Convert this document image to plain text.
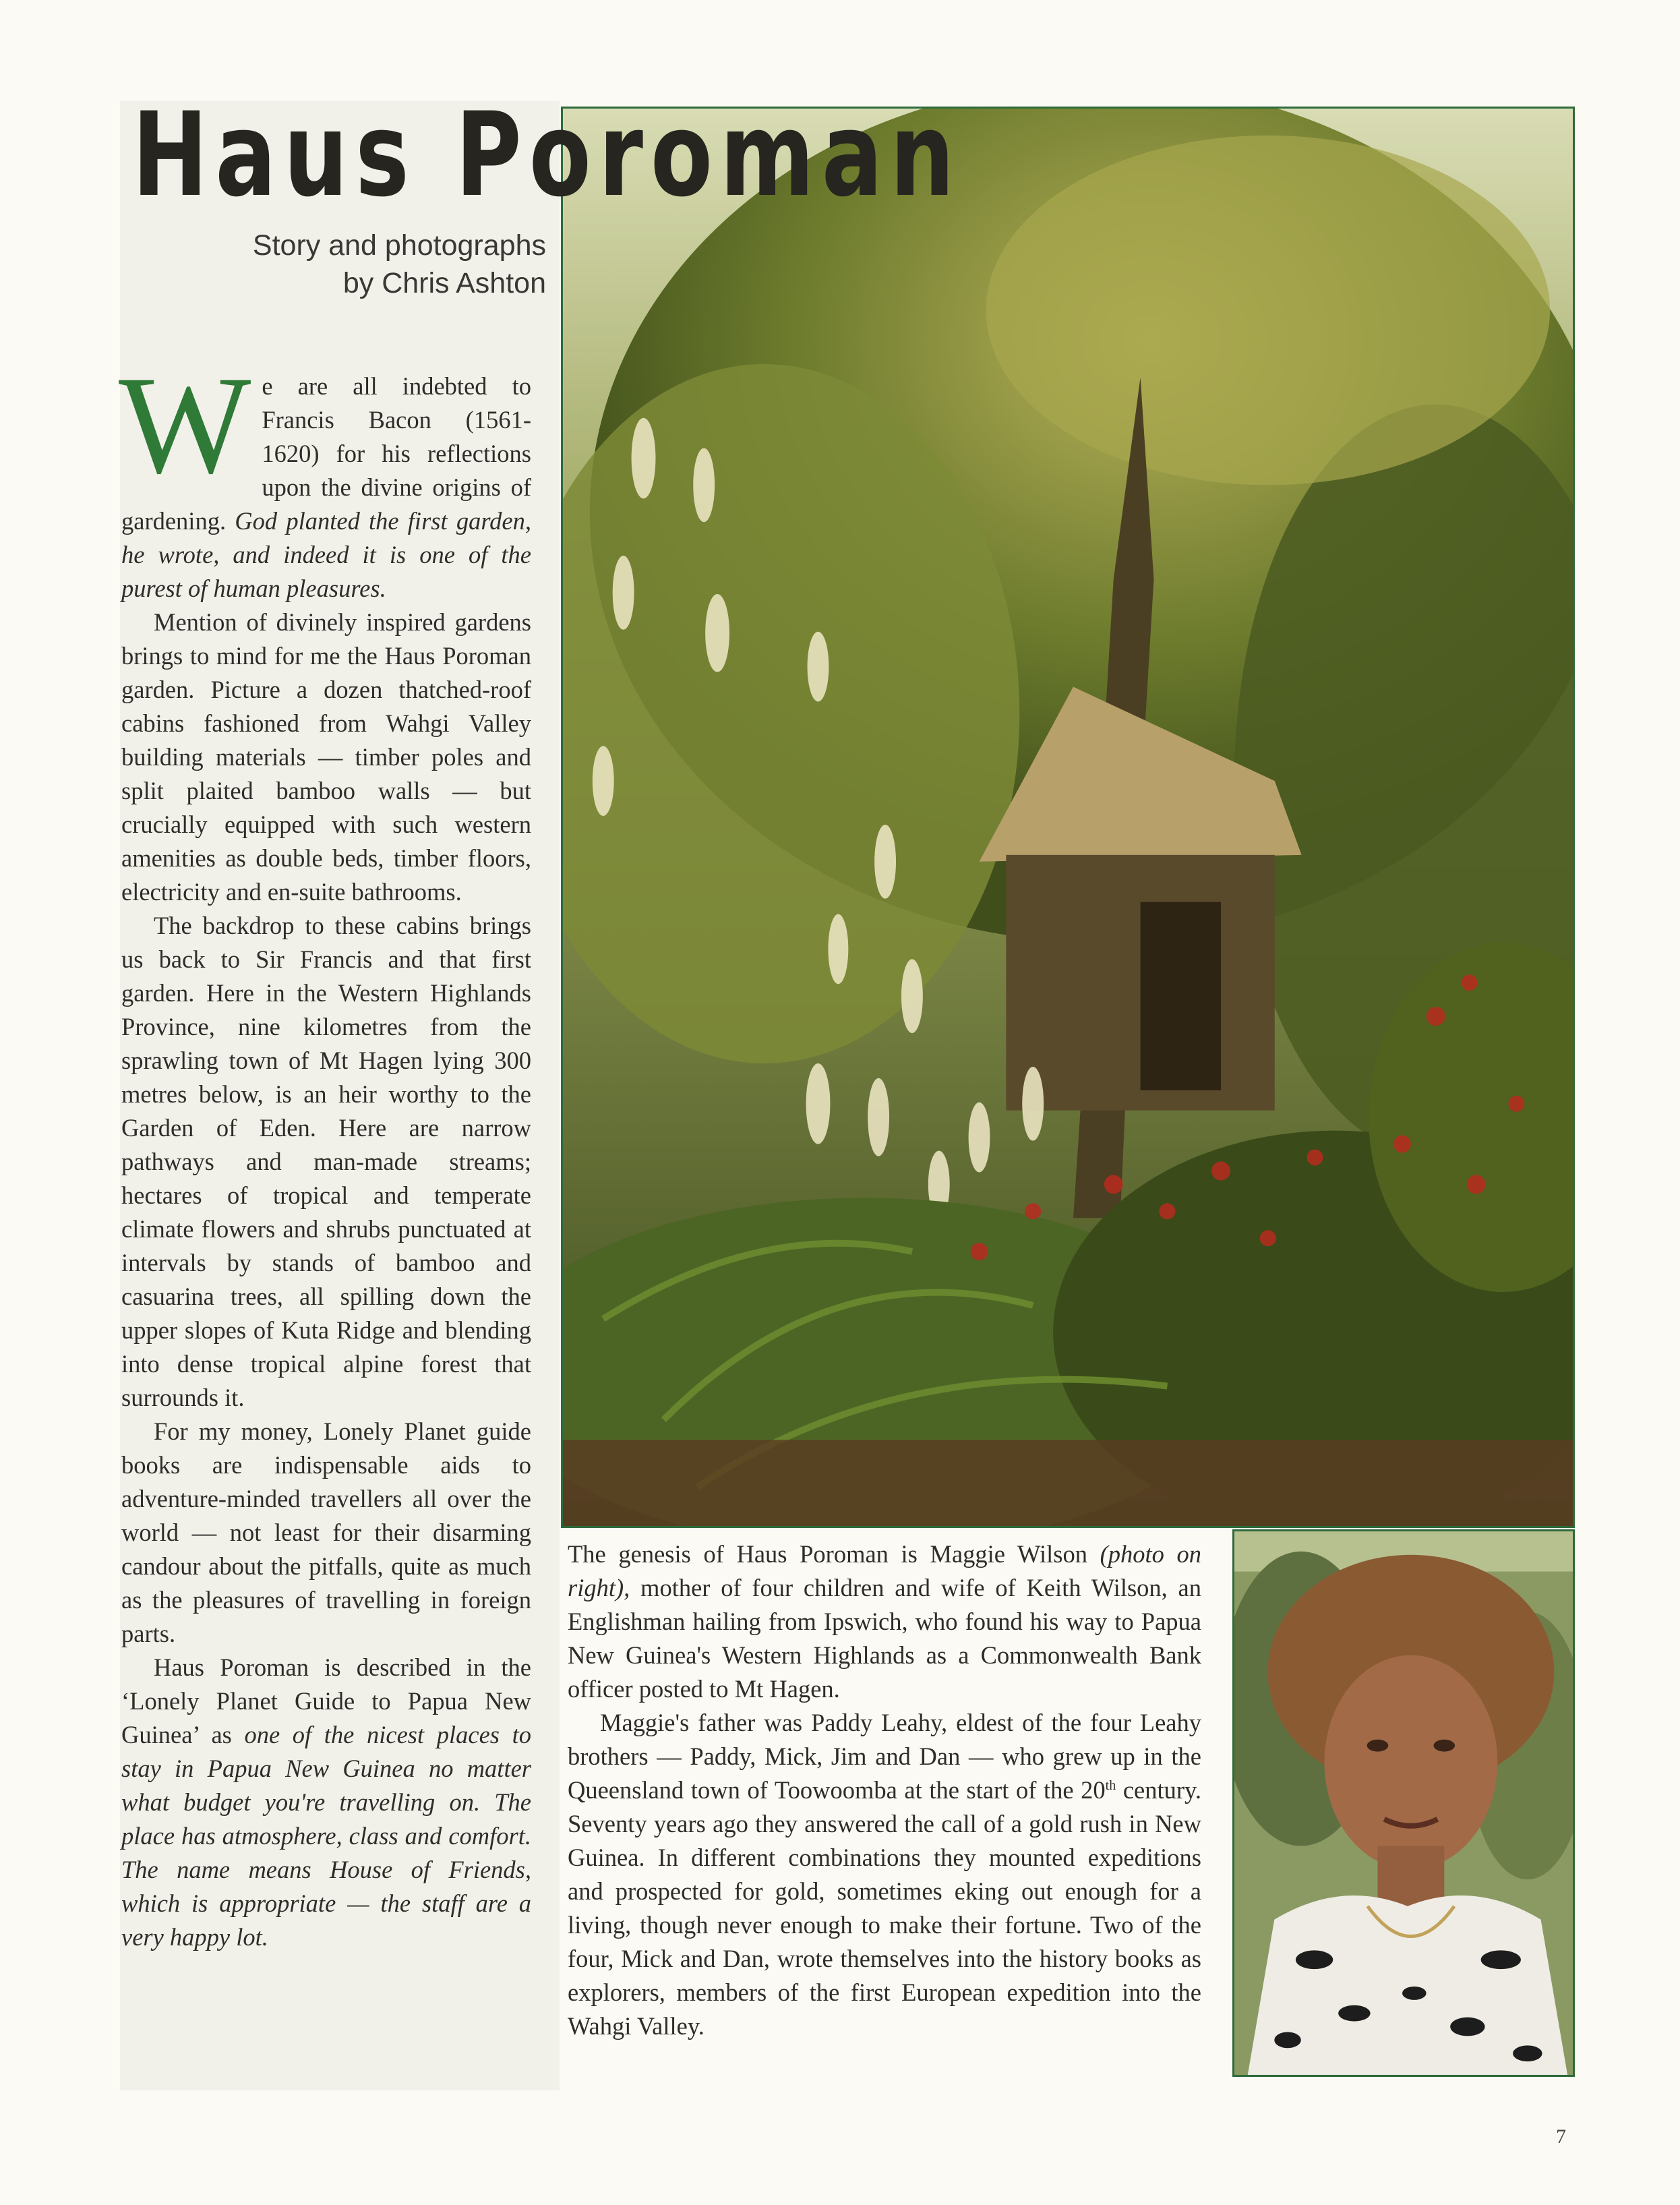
Haus Poroman
Story and photographs
by Chris Ashton

We are all indebted to Francis Bacon (1561-1620) for his reflections upon the divine origins of gardening. God planted the first garden, he wrote, and indeed it is one of the purest of human pleasures.

Mention of divinely inspired gardens brings to mind for me the Haus Poroman garden. Picture a dozen thatched-roof cabins fashioned from Wahgi Valley building materials — timber poles and split plaited bamboo walls — but crucially equipped with such western amenities as double beds, timber floors, electricity and en-suite bathrooms.

The backdrop to these cabins brings us back to Sir Francis and that first garden. Here in the Western Highlands Province, nine kilometres from the sprawling town of Mt Hagen lying 300 metres below, is an heir worthy to the Garden of Eden. Here are narrow pathways and man-made streams; hectares of tropical and temperate climate flowers and shrubs punctuated at intervals by stands of bamboo and casuarina trees, all spilling down the upper slopes of Kuta Ridge and blending into dense tropical alpine forest that surrounds it.

For my money, Lonely Planet guide books are indispensable aids to adventure-minded travellers all over the world — not least for their disarming candour about the pitfalls, quite as much as the pleasures of travelling in foreign parts.

Haus Poroman is described in the ‘Lonely Planet Guide to Papua New Guinea’ as one of the nicest places to stay in Papua New Guinea no matter what budget you're travelling on. The place has atmosphere, class and comfort. The name means House of Friends, which is appropriate — the staff are a very happy lot.

The genesis of Haus Poroman is Maggie Wilson (photo on right), mother of four children and wife of Keith Wilson, an Englishman hailing from Ipswich, who found his way to Papua New Guinea's Western Highlands as a Commonwealth Bank officer posted to Mt Hagen.

Maggie's father was Paddy Leahy, eldest of the four Leahy brothers — Paddy, Mick, Jim and Dan — who grew up in the Queensland town of Toowoomba at the start of the 20th century. Seventy years ago they answered the call of a gold rush in New Guinea. In different combinations they mounted expeditions and prospected for gold, sometimes eking out enough for a living, though never enough to make their fortune. Two of the four, Mick and Dan, wrote themselves into the history books as explorers, members of the first European expedition into the Wahgi Valley.

7
